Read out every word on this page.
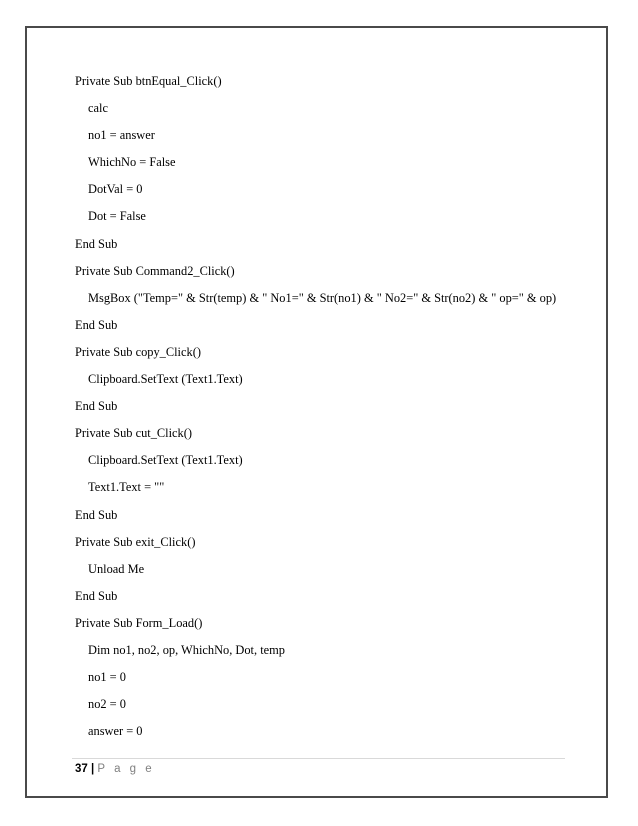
Private Sub btnEqual_Click()
calc
no1 = answer
WhichNo = False
DotVal = 0
Dot = False
End Sub
Private Sub Command2_Click()
MsgBox ("Temp=" & Str(temp) & " No1=" & Str(no1) & " No2=" & Str(no2) & " op=" & op)
End Sub
Private Sub copy_Click()
Clipboard.SetText (Text1.Text)
End Sub
Private Sub cut_Click()
Clipboard.SetText (Text1.Text)
Text1.Text = ""
End Sub
Private Sub exit_Click()
Unload Me
End Sub
Private Sub Form_Load()
Dim no1, no2, op, WhichNo, Dot, temp
no1 = 0
no2 = 0
answer = 0
37 | P a g e
